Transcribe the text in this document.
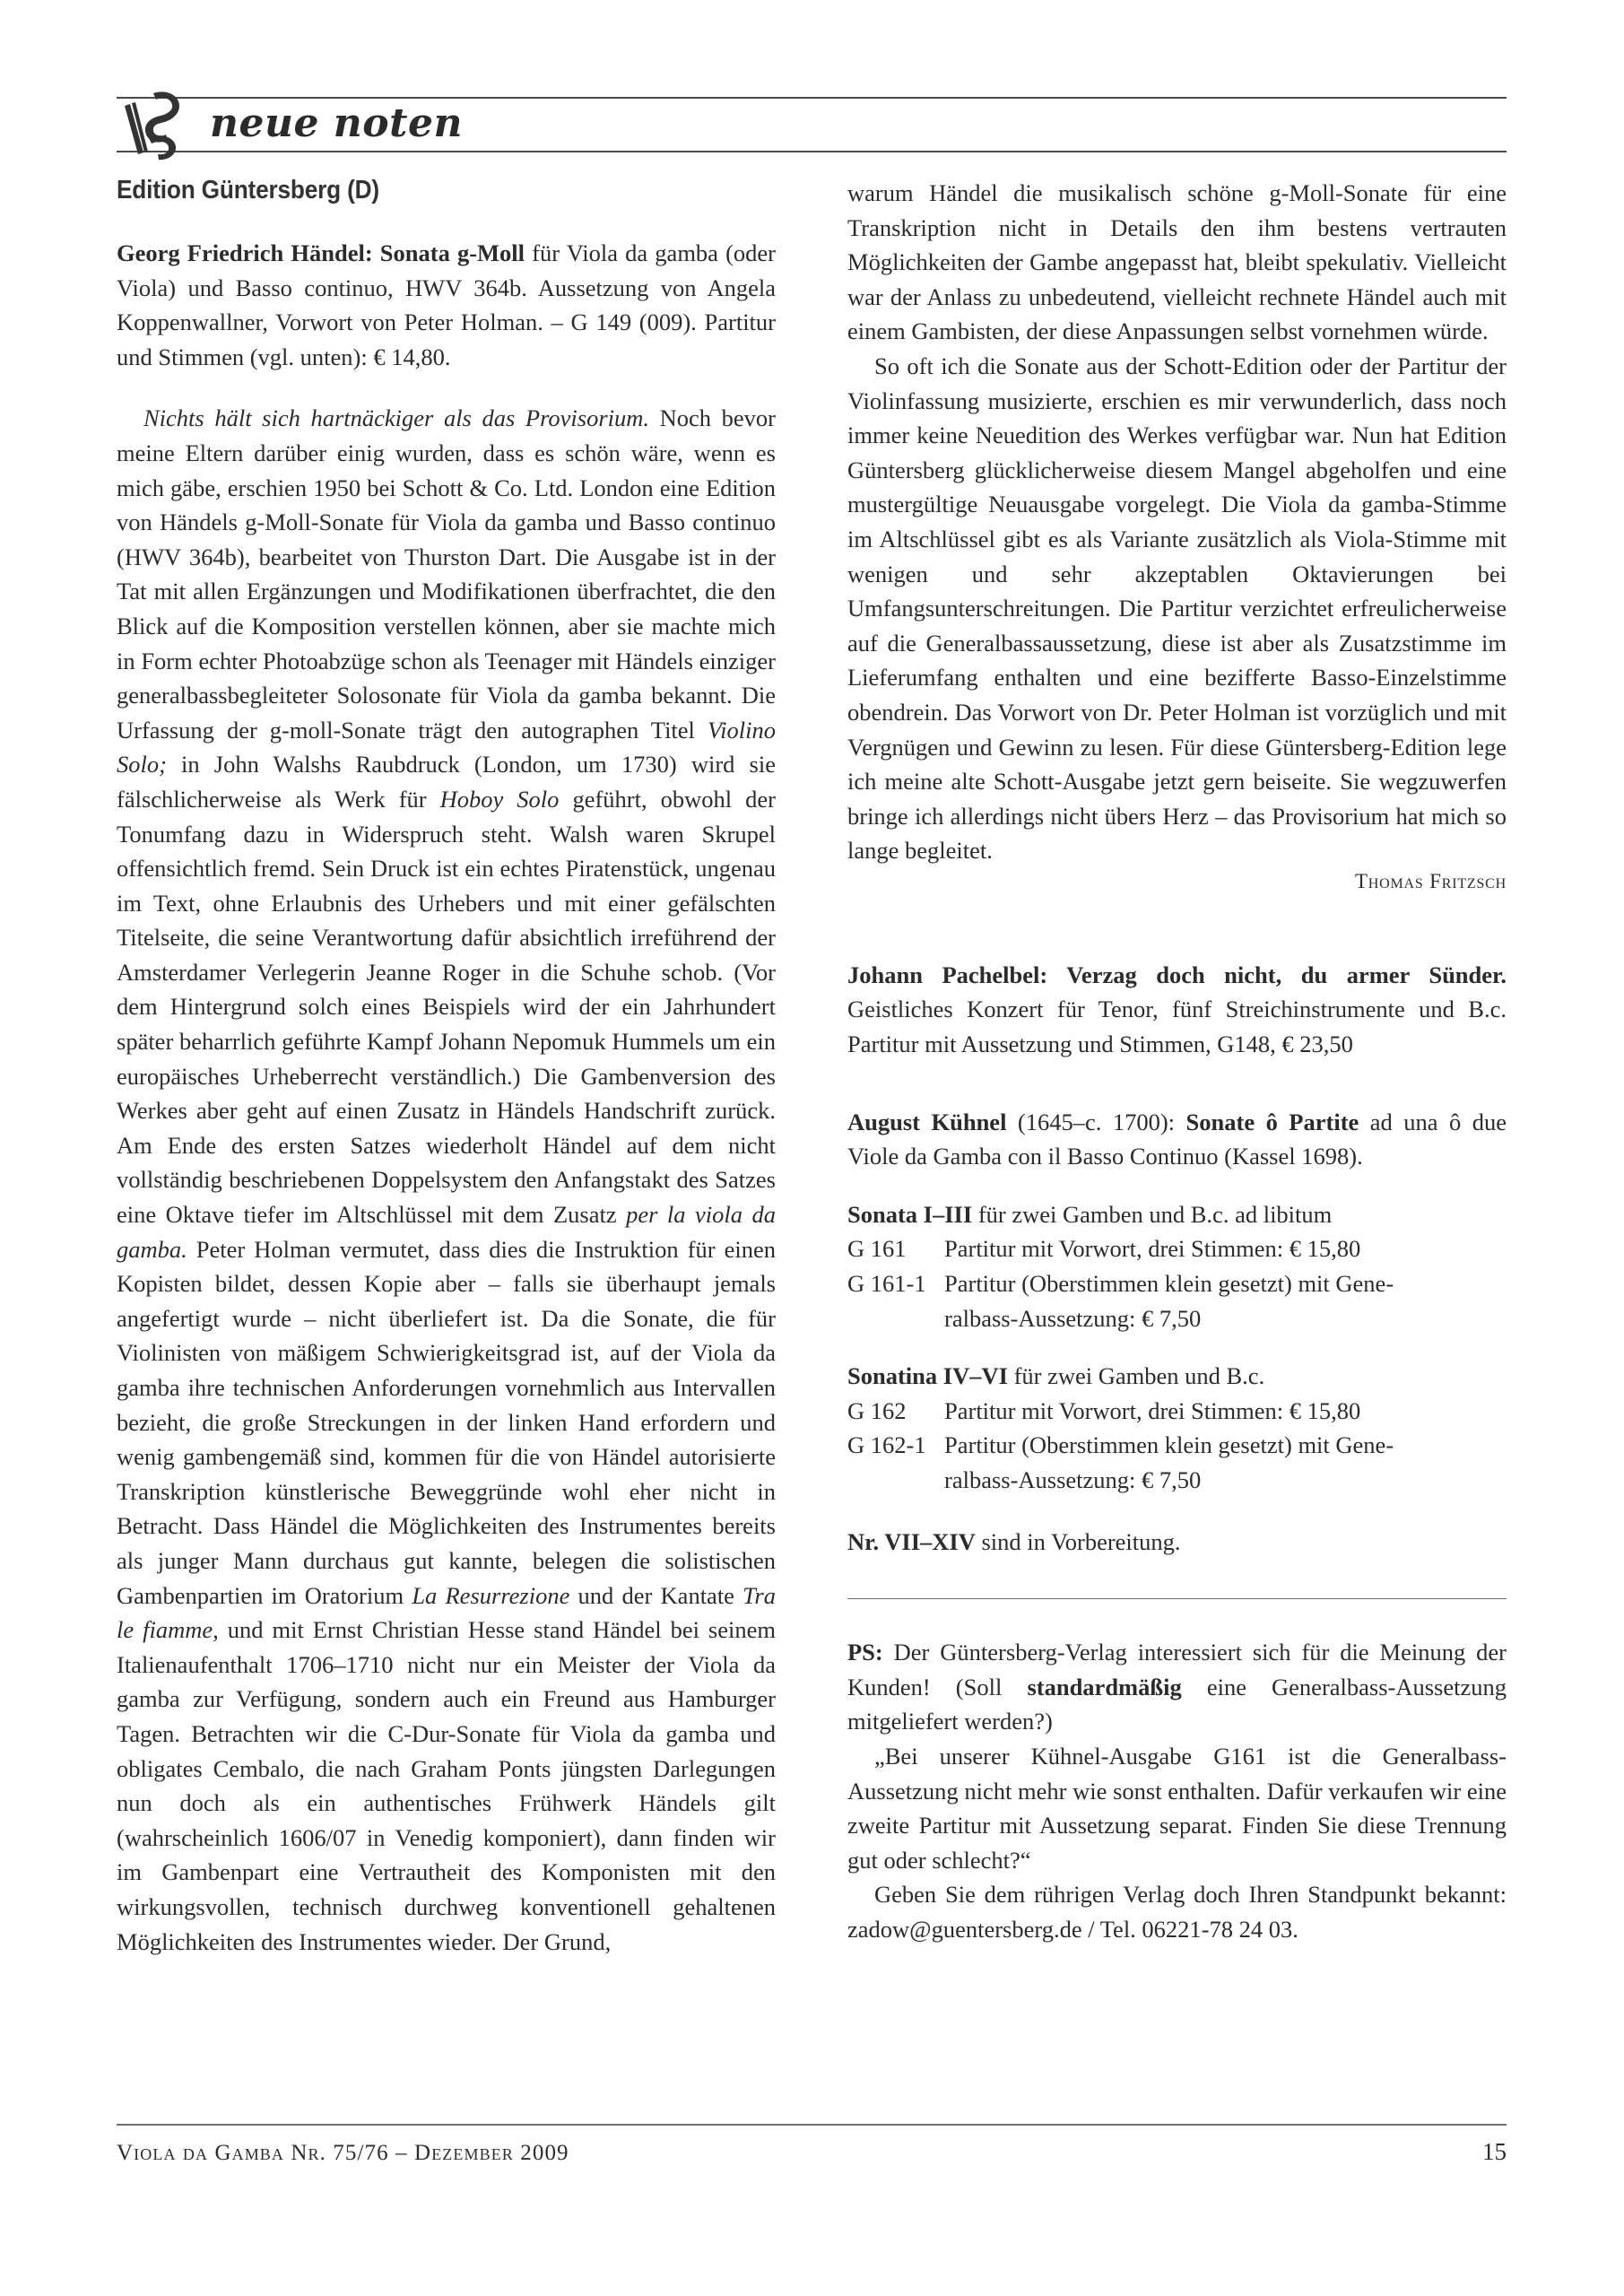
neue noten
Edition Güntersberg (D)

Georg Friedrich Händel: Sonata g-Moll für Viola da gamba (oder Viola) und Basso continuo, HWV 364b. Aussetzung von Angela Koppenwallner, Vorwort von Peter Holman. – G 149 (009). Partitur und Stimmen (vgl. unten): € 14,80.

Nichts hält sich hartnäckiger als das Provisorium. Noch bevor meine Eltern darüber einig wurden, dass es schön wäre, wenn es mich gäbe, erschien 1950 bei Schott & Co. Ltd. London eine Edition von Händels g-Moll-Sonate für Viola da gamba und Basso continuo (HWV 364b), bearbeitet von Thurston Dart. Die Ausgabe ist in der Tat mit allen Ergänzungen und Modifikationen überfrachtet, die den Blick auf die Komposition verstellen können, aber sie machte mich in Form echter Photoabzüge schon als Teenager mit Händels einziger generalbassbegleiteter Solosonate für Viola da gamba bekannt. Die Urfassung der g-moll-Sonate trägt den autographen Titel Violino Solo; in John Walshs Raubdruck (London, um 1730) wird sie fälschlicherweise als Werk für Hoboy Solo geführt, obwohl der Tonumfang dazu in Widerspruch steht. Walsh waren Skrupel offensichtlich fremd. Sein Druck ist ein echtes Piratenstück, ungenau im Text, ohne Erlaubnis des Urhebers und mit einer gefälschten Titelseite, die seine Verantwortung dafür absichtlich irreführend der Amsterdamer Verlegerin Jeanne Roger in die Schuhe schob. (Vor dem Hintergrund solch eines Beispiels wird der ein Jahrhundert später beharrlich geführte Kampf Johann Nepomuk Hummels um ein europäisches Urheberrecht verständlich.) Die Gambenversion des Werkes aber geht auf einen Zusatz in Händels Handschrift zurück. Am Ende des ersten Satzes wiederholt Händel auf dem nicht vollständig beschriebenen Doppelsystem den Anfangstakt des Satzes eine Oktave tiefer im Altschlüssel mit dem Zusatz per la viola da gamba. Peter Holman vermutet, dass dies die Instruktion für einen Kopisten bildet, dessen Kopie aber – falls sie überhaupt jemals angefertigt wurde – nicht überliefert ist. Da die Sonate, die für Violinisten von mäßigem Schwierigkeitsgrad ist, auf der Viola da gamba ihre technischen Anforderungen vornehmlich aus Intervallen bezieht, die große Streckungen in der linken Hand erfordern und wenig gambengemäß sind, kommen für die von Händel autorisierte Transkription künstlerische Beweggründe wohl eher nicht in Betracht. Dass Händel die Möglichkeiten des Instrumentes bereits als junger Mann durchaus gut kannte, belegen die solistischen Gambenpartien im Oratorium La Resurrezione und der Kantate Tra le fiamme, und mit Ernst Christian Hesse stand Händel bei seinem Italienaufenthalt 1706–1710 nicht nur ein Meister der Viola da gamba zur Verfügung, sondern auch ein Freund aus Hamburger Tagen. Betrachten wir die C-Dur-Sonate für Viola da gamba und obligates Cembalo, die nach Graham Ponts jüngsten Darlegungen nun doch als ein authentisches Frühwerk Händels gilt (wahrscheinlich 1606/07 in Venedig komponiert), dann finden wir im Gambenpart eine Vertrautheit des Komponisten mit den wirkungsvollen, technisch durchweg konventionell gehaltenen Möglichkeiten des Instrumentes wieder. Der Grund,

warum Händel die musikalisch schöne g-Moll-Sonate für eine Transkription nicht in Details den ihm bestens vertrauten Möglichkeiten der Gambe angepasst hat, bleibt spekulativ. Vielleicht war der Anlass zu unbedeutend, vielleicht rechnete Händel auch mit einem Gambisten, der diese Anpassungen selbst vornehmen würde.

So oft ich die Sonate aus der Schott-Edition oder der Partitur der Violinfassung musizierte, erschien es mir verwunderlich, dass noch immer keine Neuedition des Werkes verfügbar war. Nun hat Edition Güntersberg glücklicherweise diesem Mangel abgeholfen und eine mustergültige Neuausgabe vorgelegt. Die Viola da gamba-Stimme im Altschlüssel gibt es als Variante zusätzlich als Viola-Stimme mit wenigen und sehr akzeptablen Oktavierungen bei Umfangsunterschreitungen. Die Partitur verzichtet erfreulicherweise auf die Generalbassaussetzung, diese ist aber als Zusatzstimme im Lieferumfang enthalten und eine bezifferte Basso-Einzelstimme obendrein. Das Vorwort von Dr. Peter Holman ist vorzüglich und mit Vergnügen und Gewinn zu lesen. Für diese Güntersberg-Edition lege ich meine alte Schott-Ausgabe jetzt gern beiseite. Sie wegzuwerfen bringe ich allerdings nicht übers Herz – das Provisorium hat mich so lange begleitet.

Thomas Fritzsch

Johann Pachelbel: Verzag doch nicht, du armer Sünder. Geistliches Konzert für Tenor, fünf Streichinstrumente und B.c. Partitur mit Aussetzung und Stimmen, G148, € 23,50

August Kühnel (1645–c. 1700): Sonate ô Partite ad una ô due Viole da Gamba con il Basso Continuo (Kassel 1698).

Sonata I–III für zwei Gamben und B.c. ad libitum
G 161	Partitur mit Vorwort, drei Stimmen: € 15,80
G 161-1 Partitur (Oberstimmen klein gesetzt) mit Gene-
ralbass-Aussetzung: € 7,50
Sonatina IV–VI für zwei Gamben und B.c.
G 162	Partitur mit Vorwort, drei Stimmen: € 15,80
G 162-1 Partitur (Oberstimmen klein gesetzt) mit Gene-
ralbass-Aussetzung: € 7,50

Nr. VII–XIV sind in Vorbereitung.

PS: Der Güntersberg-Verlag interessiert sich für die Meinung der Kunden! (Soll standardmäßig eine Generalbass-Aussetzung mitgeliefert werden?)

„Bei unserer Kühnel-Ausgabe G161 ist die Generalbass-Aussetzung nicht mehr wie sonst enthalten. Dafür verkaufen wir eine zweite Partitur mit Aussetzung separat. Finden Sie diese Trennung gut oder schlecht?“

Geben Sie dem rührigen Verlag doch Ihren Standpunkt bekannt: zadow@guentersberg.de / Tel. 06221-78 24 03.

Viola da Gamba Nr. 75/76 – Dezember 2009	15
